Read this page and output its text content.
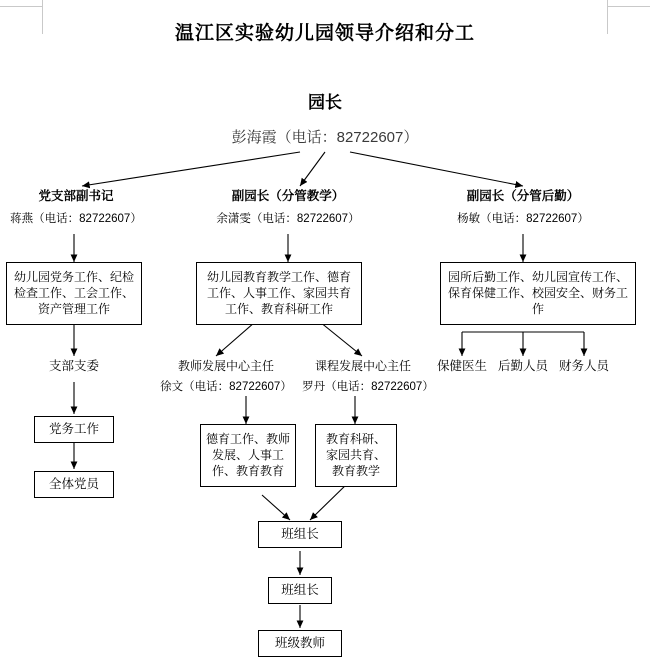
温江区实验幼儿园领导介绍和分工
园长
彭海霞（电话：82722607）
党支部副书记
蒋燕（电话：82722607）
幼儿园党务工作、纪检检查工作、工会工作、资产管理工作
支部支委
党务工作
全体党员
副园长（分管教学）
余潇雯（电话：82722607）
幼儿园教育教学工作、德育工作、人事工作、家园共育工作、教育科研工作
教师发展中心主任
徐文（电话：82722607）
德育工作、教师发展、人事工作、教育教育
课程发展中心主任
罗丹（电话：82722607）
教育科研、家园共育、教育教学
班组长
班组长
班级教师
副园长（分管后勤）
杨敏（电话：82722607）
园所后勤工作、幼儿园宣传工作、保育保健工作、校园安全、财务工作
保健医生 后勤人员 财务人员
